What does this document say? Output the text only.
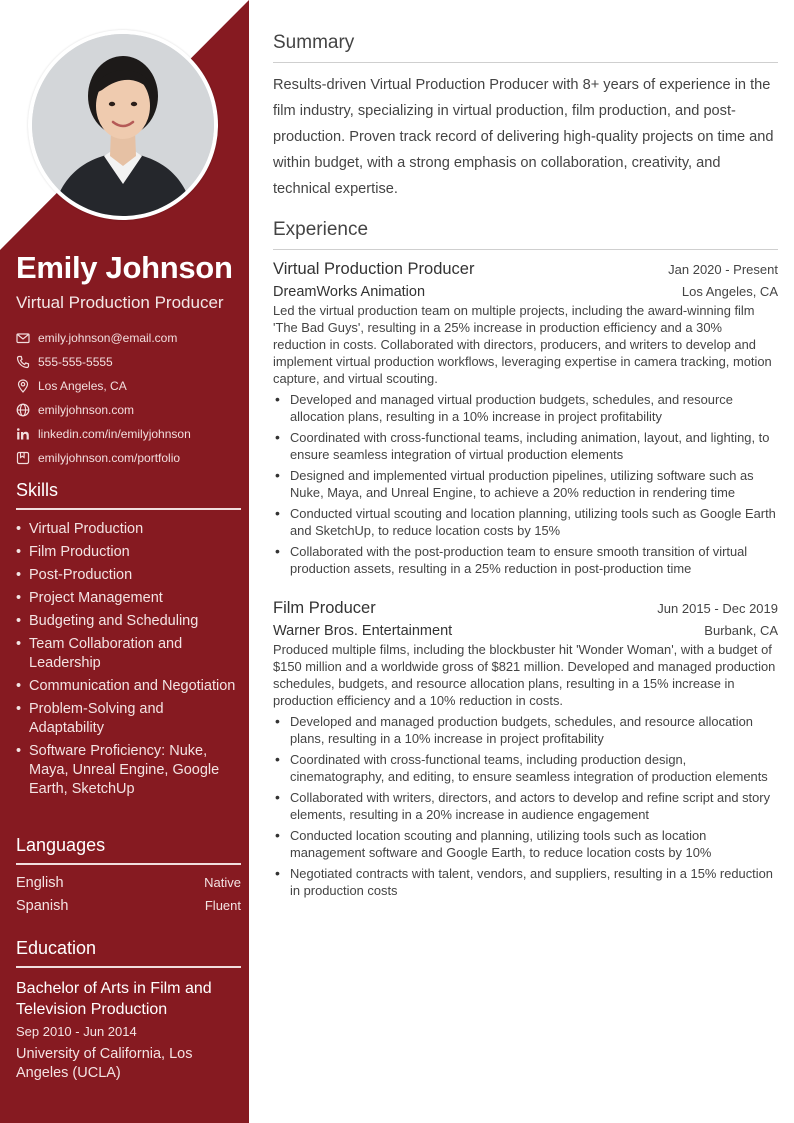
Emily Johnson
Virtual Production Producer
emily.johnson@email.com
555-555-5555
Los Angeles, CA
emilyjohnson.com
linkedin.com/in/emilyjohnson
emilyjohnson.com/portfolio
Skills
• Virtual Production
• Film Production
• Post-Production
• Project Management
• Budgeting and Scheduling
• Team Collaboration and Leadership
• Communication and Negotiation
• Problem-Solving and Adaptability
• Software Proficiency: Nuke, Maya, Unreal Engine, Google Earth, SketchUp
Languages
English	Native
Spanish	Fluent
Education
Bachelor of Arts in Film and Television Production
Sep 2010 - Jun 2014
University of California, Los Angeles (UCLA)
Summary

Results-driven Virtual Production Producer with 8+ years of experience in the film industry, specializing in virtual production, film production, and post-production. Proven track record of delivering high-quality projects on time and within budget, with a strong emphasis on collaboration, creativity, and technical expertise.

Experience
Virtual Production Producer	Jan 2020 - Present
DreamWorks Animation	Los Angeles, CA

Led the virtual production team on multiple projects, including the award-winning film 'The Bad Guys', resulting in a 25% increase in production efficiency and a 30% reduction in costs. Collaborated with directors, producers, and writers to develop and implement virtual production workflows, leveraging expertise in camera tracking, motion capture, and virtual scouting.

• Developed and managed virtual production budgets, schedules, and resource allocation plans, resulting in a 10% increase in project profitability
• Coordinated with cross-functional teams, including animation, layout, and lighting, to ensure seamless integration of virtual production elements
• Designed and implemented virtual production pipelines, utilizing software such as Nuke, Maya, and Unreal Engine, to achieve a 20% reduction in rendering time
• Conducted virtual scouting and location planning, utilizing tools such as Google Earth and SketchUp, to reduce location costs by 15%
• Collaborated with the post-production team to ensure smooth transition of virtual production assets, resulting in a 25% reduction in post-production time
Film Producer	Jun 2015 - Dec 2019
Warner Bros. Entertainment	Burbank, CA

Produced multiple films, including the blockbuster hit 'Wonder Woman', with a budget of $150 million and a worldwide gross of $821 million. Developed and managed production schedules, budgets, and resource allocation plans, resulting in a 15% increase in production efficiency and a 10% reduction in costs.

• Developed and managed production budgets, schedules, and resource allocation plans, resulting in a 10% increase in project profitability
• Coordinated with cross-functional teams, including production design, cinematography, and editing, to ensure seamless integration of production elements
• Collaborated with writers, directors, and actors to develop and refine script and story elements, resulting in a 20% increase in audience engagement
• Conducted location scouting and planning, utilizing tools such as location management software and Google Earth, to reduce location costs by 10%
• Negotiated contracts with talent, vendors, and suppliers, resulting in a 15% reduction in production costs
